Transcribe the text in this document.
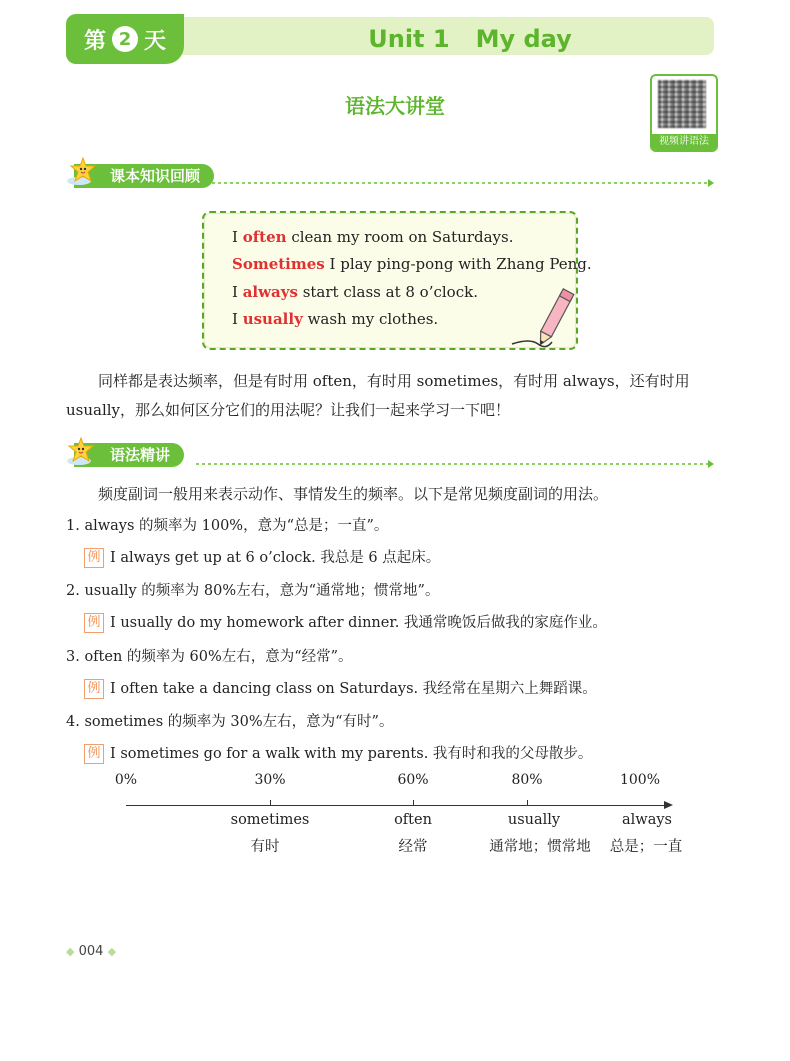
第 2 天	Unit 1 My day
语法大讲堂
视频讲语法
课本知识回顾
I often clean my room on Saturdays.
Sometimes I play ping-pong with Zhang Peng.
I always start class at 8 o’clock.
I usually wash my clothes.
同样都是表达频率，但是有时用 often，有时用 sometimes，有时用 always，还有时用 usually，那么如何区分它们的用法呢？让我们一起来学习一下吧！
语法精讲
频度副词一般用来表示动作、事情发生的频率。以下是常见频度副词的用法。
1. always 的频率为 100%，意为“总是；一直”。
例 I always get up at 6 o’clock. 我总是 6 点起床。
2. usually 的频率为 80%左右，意为“通常地；惯常地”。
例 I usually do my homework after dinner. 我通常晚饭后做我的家庭作业。
3. often 的频率为 60%左右，意为“经常”。
例 I often take a dancing class on Saturdays. 我经常在星期六上舞蹈课。
4. sometimes 的频率为 30%左右，意为“有时”。
例 I sometimes go for a walk with my parents. 我有时和我的父母散步。
0%	30%	60%	80%	100%
sometimes	often	usually	always
有时	经常	通常地；惯常地	总是；一直
◆ 004 ◆
